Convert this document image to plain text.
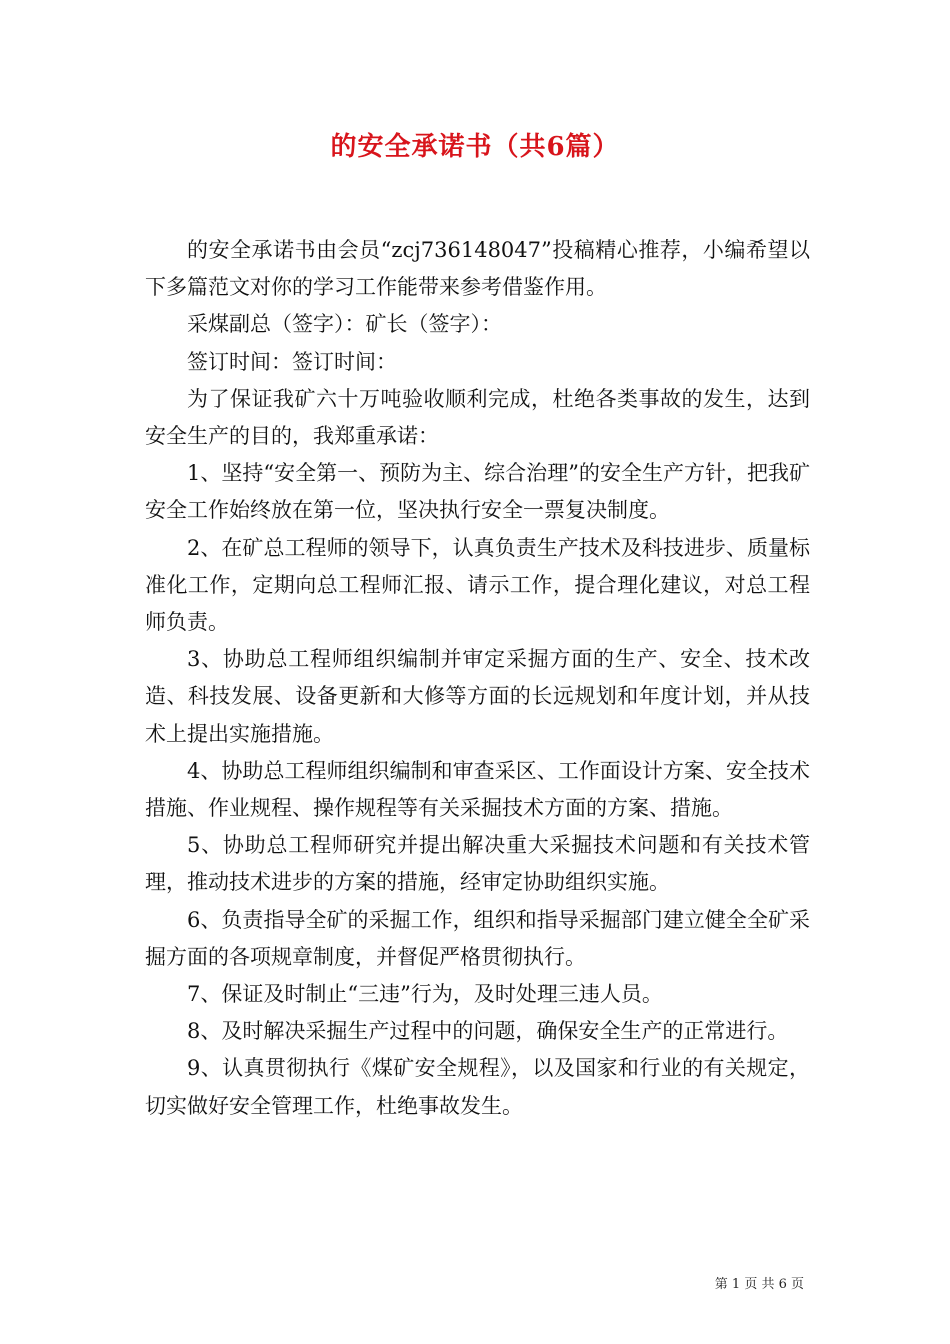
的安全承诺书（共6篇）

的安全承诺书由会员“zcj736148047”投稿精心推荐，小编希望以下多篇范文对你的学习工作能带来参考借鉴作用。

采煤副总（签字）：矿长（签字）：

签订时间：签订时间：

为了保证我矿六十万吨验收顺利完成，杜绝各类事故的发生，达到安全生产的目的，我郑重承诺：

1、坚持“安全第一、预防为主、综合治理”的安全生产方针，把我矿安全工作始终放在第一位，坚决执行安全一票复决制度。

2、在矿总工程师的领导下，认真负责生产技术及科技进步、质量标准化工作，定期向总工程师汇报、请示工作，提合理化建议，对总工程师负责。

3、协助总工程师组织编制并审定采掘方面的生产、安全、技术改造、科技发展、设备更新和大修等方面的长远规划和年度计划，并从技术上提出实施措施。

4、协助总工程师组织编制和审查采区、工作面设计方案、安全技术措施、作业规程、操作规程等有关采掘技术方面的方案、措施。

5、协助总工程师研究并提出解决重大采掘技术问题和有关技术管理，推动技术进步的方案的措施，经审定协助组织实施。

6、负责指导全矿的采掘工作，组织和指导采掘部门建立健全全矿采掘方面的各项规章制度，并督促严格贯彻执行。

7、保证及时制止“三违”行为，及时处理三违人员。

8、及时解决采掘生产过程中的问题，确保安全生产的正常进行。

9、认真贯彻执行《煤矿安全规程》，以及国家和行业的有关规定，切实做好安全管理工作，杜绝事故发生。

第 1 页 共 6 页
